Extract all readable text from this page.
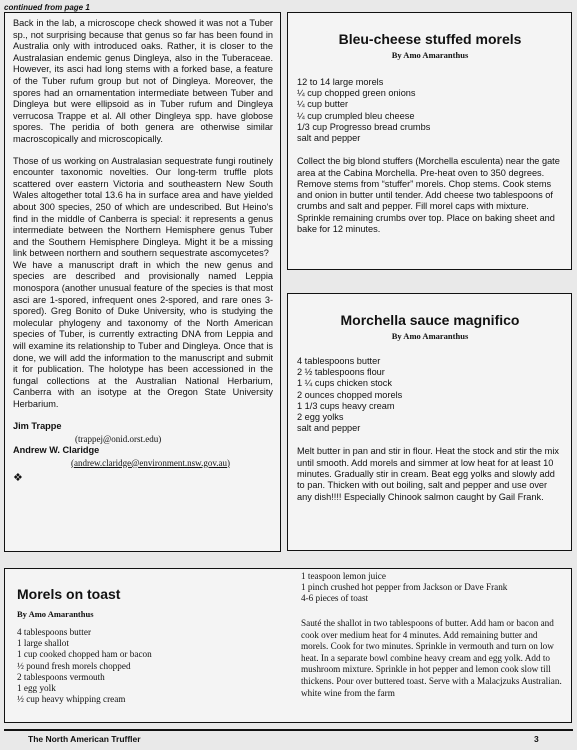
continued from page 1

Back in the lab, a microscope check showed it was not a Tuber sp., not surprising because that genus so far has been found in Australia only with introduced oaks. Rather, it is closer to the Australasian endemic genus Dingleya, also in the Tuberaceae. However, its asci had long stems with a forked base, a feature of the Tuber rufum group but not of Dingleya. Moreover, the spores had an ornamentation intermediate between Tuber and Dingleya but were ellipsoid as in Tuber rufum and Dingleya verrucosa Trappe et al. All other Dingleya spp. have globose spores. The peridia of both genera are otherwise similar macroscopically and microscopically.

Those of us working on Australasian sequestrate fungi routinely encounter taxonomic novelties. Our long-term truffle plots scattered over eastern Victoria and southeastern New South Wales altogether total 13.6 ha in surface area and have yielded about 300 species, 250 of which are undescribed. But Heino's find in the middle of Canberra is special: it represents a genus intermediate between the Northern Hemisphere genus Tuber and the Southern Hemisphere Dingleya. Might it be a missing link between northern and southern sequestrate ascomycetes?

We have a manuscript draft in which the new genus and species are described and provisionally named Leppia monospora (another unusual feature of the species is that most asci are 1-spored, infrequent ones 2-spored, and rare ones 3-spored). Greg Bonito of Duke University, who is studying the molecular phylogeny and taxonomy of the North American species of Tuber, is currently extracting DNA from Leppia and will examine its relationship to Tuber and Dingleya. Once that is done, we will add the information to the manuscript and submit it for publication. The holotype has been accessioned in the fungal collections at the Australian National Herbarium, Canberra with an isotype at the Oregon State University Herbarium.

Jim Trappe
(trappej@onid.orst.edu)
Andrew W. Claridge
(andrew.claridge@environment.nsw.gov.au)
❖
Bleu-cheese stuffed morels
By Amo Amaranthus
12 to 14 large morels
¼ cup chopped green onions
¼ cup butter
¼ cup crumpled bleu cheese
1/3 cup Progresso bread crumbs
salt and pepper

Collect the big blond stuffers (Morchella esculenta) near the gate area at the Cabina Morchella. Pre-heat oven to 350 degrees. Remove stems from “stuffer” morels. Chop stems. Cook stems and onion in butter until tender. Add cheese two tablespoons of crumbs and salt and pepper. Fill morel caps with mixture. Sprinkle remaining crumbs over top. Place on baking sheet and bake for 12 minutes.

Morchella sauce magnifico
By Amo Amaranthus
4 tablespoons butter
2 ½ tablespoons flour
1 ¼ cups chicken stock
2 ounces chopped morels
1 1/3 cups heavy cream
2 egg yolks
salt and pepper

Melt butter in pan and stir in flour. Heat the stock and stir the mix until smooth. Add morels and simmer at low heat for at least 10 minutes. Gradually stir in cream. Beat egg yolks and slowly add to pan. Thicken with out boiling, salt and pepper and use over any dish!!!! Especially Chinook salmon caught by Gail Frank.

Morels on toast
By Amo Amaranthus
4 tablespoons butter
1 large shallot
1 cup cooked chopped ham or bacon
½ pound fresh morels chopped
2 tablespoons vermouth
1 egg yolk
½ cup heavy whipping cream
1 teaspoon lemon juice
1 pinch crushed hot pepper from Jackson or Dave Frank
4-6 pieces of toast

Sauté the shallot in two tablespoons of butter. Add ham or bacon and cook over medium heat for 4 minutes. Add remaining butter and morels. Cook for two minutes. Sprinkle in vermouth and turn on low heat. In a separate bowl combine heavy cream and egg yolk. Add to mushroom mixture. Sprinkle in hot pepper and lemon cook slow till thickens. Pour over buttered toast. Serve with a Malacjzuks Australian. white wine from the farm

The North American Truffler	3
